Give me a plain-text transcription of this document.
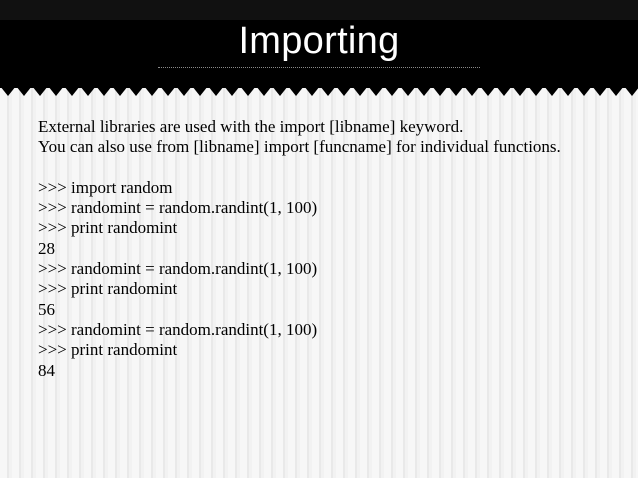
Importing
External libraries are used with the import [libname] keyword.
You can also use from [libname] import [funcname] for individual functions.
>>> import random
>>> randomint = random.randint(1, 100)
>>> print randomint
28
>>> randomint = random.randint(1, 100)
>>> print randomint
56
>>> randomint = random.randint(1, 100)
>>> print randomint
84
